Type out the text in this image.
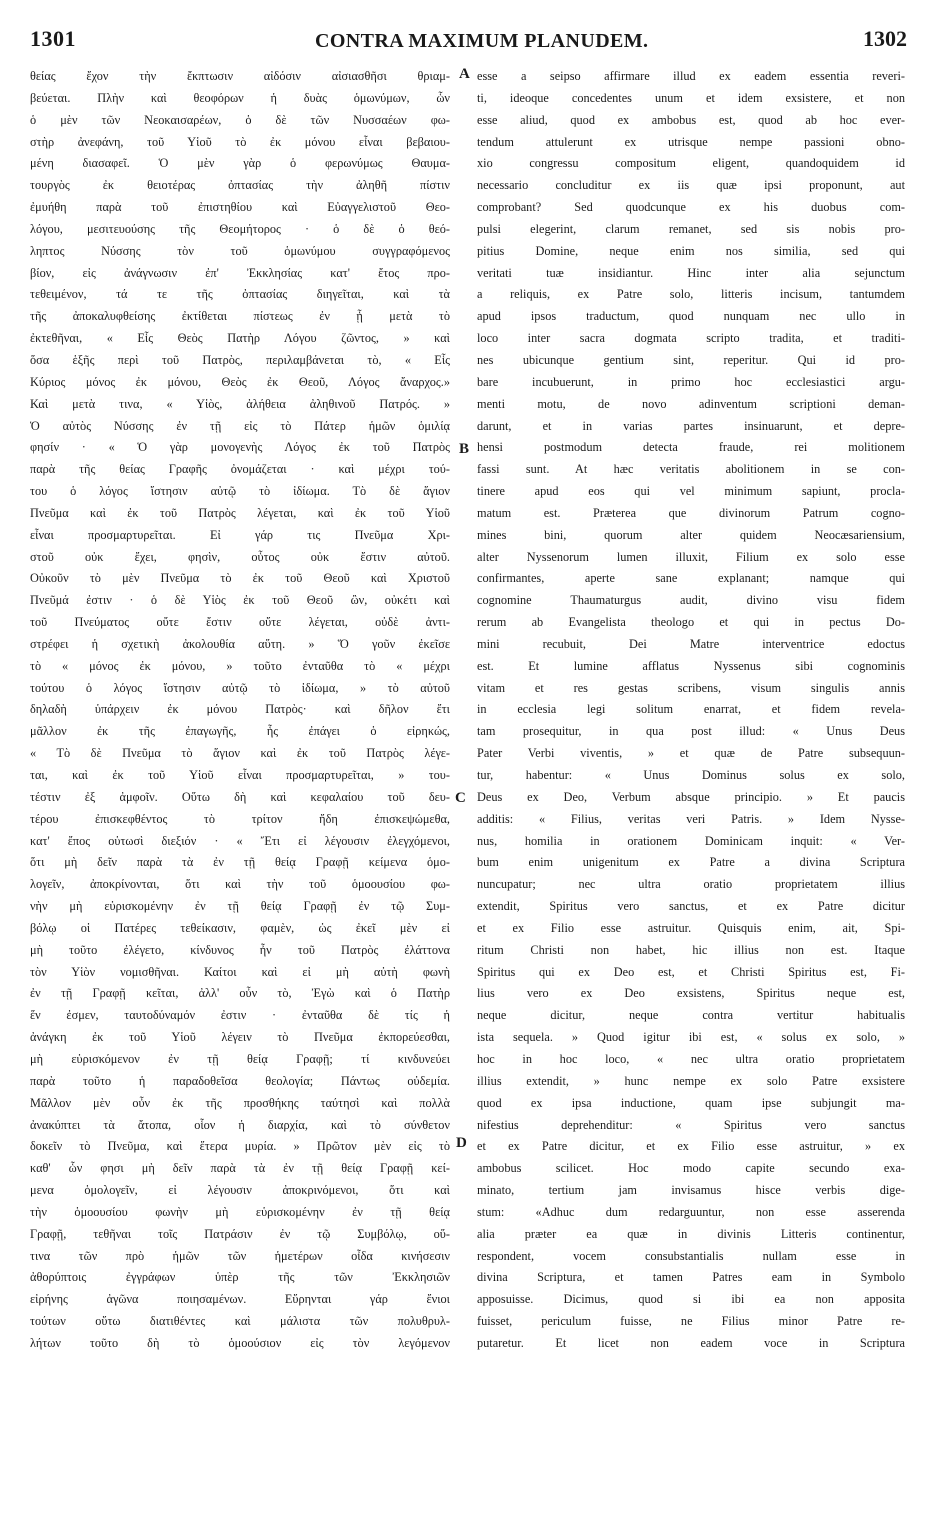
1301	CONTRA MAXIMUM PLANUDEM.	1302
θείας ἔχον τὴν ἔκπτωσιν αἰδόσιν αἰσιασθῆσι θριαμ-
βεύεται. Πλὴν καὶ θεοφόρων ἡ δυὰς ὁμωνύμων, ὧν
ὁ μὲν τῶν Νεοκαισαρέων, ὁ δὲ τῶν Νυσσαέων φω-
στὴρ ἀνεφάνη, τοῦ Υἱοῦ τὸ ἐκ μόνου εἶναι βεβαιου-
μένη διασαφεῖ. Ὁ μὲν γὰρ ὁ φερωνύμως Θαυμα-
τουργὸς ἐκ θειοτέρας ὀπτασίας τὴν ἀληθῆ πίστιν
ἐμυήθη παρὰ τοῦ ἐπιστηθίου καὶ Εὐαγγελιστοῦ Θεο-
λόγου, μεσιτευούσης τῆς Θεομήτορος · ὁ δὲ ὁ θεό-
ληπτος Νύσσης τὸν τοῦ ὁμωνύμου συγγραφόμενος
βίον, εἰς ἀνάγνωσιν ἐπ' Ἐκκλησίας κατ' ἔτος προ-
τεθειμένον, τά τε τῆς ὀπτασίας διηγεῖται, καὶ τὰ
τῆς ἀποκαλυφθείσης ἐκτίθεται πίστεως ἐν ᾗ μετὰ τὸ
ἐκτεθῆναι, « Εἷς Θεὸς Πατὴρ Λόγου ζῶντος, » καὶ
ὅσα ἑξῆς περὶ τοῦ Πατρὸς, περιλαμβάνεται τὸ, « Εἷς
Κύριος μόνος ἐκ μόνου, Θεὸς ἐκ Θεοῦ, Λόγος ἄναρχος.»
Καὶ μετὰ τινα, « Υἱὸς, ἀλήθεια ἀληθινοῦ Πατρός. »
Ὁ αὐτὸς Νύσσης ἐν τῇ εἰς τὸ Πάτερ ἡμῶν ὁμιλίᾳ
φησίν · « Ὁ γὰρ μονογενὴς Λόγος ἐκ τοῦ Πατρὸς
παρὰ τῆς θείας Γραφῆς ὀνομάζεται · καὶ μέχρι τού-
του ὁ λόγος ἵστησιν αὐτῷ τὸ ἰδίωμα. Τὸ δὲ ἅγιον
Πνεῦμα καὶ ἐκ τοῦ Πατρὸς λέγεται, καὶ ἐκ τοῦ Υἱοῦ
εἶναι προσμαρτυρεῖται. Εἰ γάρ τις Πνεῦμα Χρι-
στοῦ οὐκ ἔχει, φησὶν, οὗτος οὐκ ἔστιν αὐτοῦ.
Οὐκοῦν τὸ μὲν Πνεῦμα τὸ ἐκ τοῦ Θεοῦ καὶ Χριστοῦ
Πνεῦμά ἐστιν · ὁ δὲ Υἱὸς ἐκ τοῦ Θεοῦ ὢν, οὐκέτι καὶ
τοῦ Πνεύματος οὔτε ἔστιν οὔτε λέγεται, οὐδὲ ἀντι-
στρέφει ἡ σχετικὴ ἀκολουθία αὕτη. » Ὅ γοῦν ἐκεῖσε
τὸ « μόνος ἐκ μόνου, » τοῦτο ἐνταῦθα τὸ « μέχρι
τούτου ὁ λόγος ἵστησιν αὐτῷ τὸ ἰδίωμα, » τὸ αὐτοῦ
δηλαδὴ ὑπάρχειν ἐκ μόνου Πατρὸς· καὶ δῆλον ἔτι
μᾶλλον ἐκ τῆς ἐπαγωγῆς, ἧς ἐπάγει ὁ εἰρηκώς,
« Τὸ δὲ Πνεῦμα τὸ ἅγιον καὶ ἐκ τοῦ Πατρὸς λέγε-
ται, καὶ ἐκ τοῦ Υἱοῦ εἶναι προσμαρτυρεῖται, » του-
τέστιν ἐξ ἀμφοῖν. Οὕτω δὴ καὶ κεφαλαίου τοῦ δευ-
τέρου ἐπισκεφθέντος τὸ τρίτον ἤδη ἐπισκεψώμεθα,
κατ' ἔπος οὑτωσὶ διεξιόν · « Ἔτι εἰ λέγουσιν ἐλεγχόμενοι,
ὅτι μὴ δεῖν παρὰ τὰ ἐν τῇ θείᾳ Γραφῇ κείμενα ὁμο-
λογεῖν, ἀποκρίνονται, ὅτι καὶ τὴν τοῦ ὁμοουσίου φω-
νὴν μὴ εὑρισκομένην ἐν τῇ θείᾳ Γραφῇ ἐν τῷ Συμ-
βόλῳ οἱ Πατέρες τεθείκασιν, φαμὲν, ὡς ἐκεῖ μὲν εἰ
μὴ τοῦτο ἐλέγετο, κίνδυνος ἦν τοῦ Πατρὸς ἐλάττονα
τὸν Υἱὸν νομισθῆναι. Καίτοι καὶ εἰ μὴ αὐτὴ φωνὴ
ἐν τῇ Γραφῇ κεῖται, ἀλλ' οὖν τὸ, Ἐγὼ καὶ ὁ Πατὴρ
ἕν ἐσμεν, ταυτοδύναμόν ἐστιν · ἐνταῦθα δὲ τίς ἡ
ἀνάγκη ἐκ τοῦ Υἱοῦ λέγειν τὸ Πνεῦμα ἐκπορεύεσθαι,
μὴ εὑρισκόμενον ἐν τῇ θείᾳ Γραφῇ; τί κινδυνεύει
παρὰ τοῦτο ἡ παραδοθεῖσα θεολογία; Πάντως οὐδεμία.
Μᾶλλον μὲν οὖν ἐκ τῆς προσθήκης ταύτησὶ καὶ πολλὰ
ἀνακύπτει τὰ ἄτοπα, οἷον ἡ διαρχία, καὶ τὸ σύνθετον
δοκεῖν τὸ Πνεῦμα, καὶ ἕτερα μυρία. » Πρῶτον μὲν εἰς τὸ
καθ' ὧν φησι μὴ δεῖν παρὰ τὰ ἐν τῇ θείᾳ Γραφῇ κεί-
μενα ὁμολογεῖν, εἰ λέγουσιν ἀποκρινόμενοι, ὅτι καὶ
τὴν ὁμοουσίου φωνὴν μὴ εὑρισκομένην ἐν τῇ θείᾳ
Γραφῇ, τεθῆναι τοῖς Πατράσιν ἐν τῷ Συμβόλῳ, οὕ-
τινα τῶν πρὸ ἡμῶν τῶν ἡμετέρων οἶδα κινήσεσιν
ἀθορύπτοις ἐγγράφων ὑπὲρ τῆς τῶν Ἐκκλησιῶν
εἰρήνης ἀγῶνα ποιησαμένων. Εὕρηνται γάρ ἔνιοι
τούτων οὕτω διατιθέντες καὶ μάλιστα τῶν πολυθρυλ-
λήτων τοῦτο δὴ τὸ ὁμοούσιον εἰς τὸν λεγόμενον
esse a seipso affirmare illud ex eadem essentia reveri-
ti, ideoque concedentes unum et idem exsistere, et non
esse aliud, quod ex ambobus est, quod ab hoc ever-
tendum attulerunt ex utrisque nempe passioni obno-
xio congressu compositum eligent, quandoquidem id
necessario concluditur ex iis quæ ipsi proponunt, aut
comprobant? Sed quodcunque ex his duobus com-
pulsi elegerint, clarum remanet, sed sis nobis pro-
pitius Domine, neque enim nos similia, sed qui
veritati tuæ insidiantur. Hinc inter alia sejunctum
a reliquis, ex Patre solo, litteris incisum, tantumdem
apud ipsos traductum, quod nunquam nec ullo in
loco inter sacra dogmata scripto tradita, et traditi-
nes ubicunque gentium sint, reperitur. Qui id pro-
bare incubuerunt, in primo hoc ecclesiastici argu-
menti motu, de novo adinventum scriptioni deman-
darunt, et in varias partes insinuarunt, et depre-
hensi postmodum detecta fraude, rei molitionem
fassi sunt. At hæc veritatis abolitionem in se con-
tinere apud eos qui vel minimum sapiunt, procla-
matum est. Præterea que divinorum Patrum cogno-
mines bini, quorum alter quidem Neocæsariensium,
alter Nyssenorum lumen illuxit, Filium ex solo esse
confirmantes, aperte sane explanant; namque qui
cognomine Thaumaturgus audit, divino visu fidem
rerum ab Evangelista theologo et qui in pectus Do-
mini recubuit, Dei Matre interventrice edoctus
est. Et lumine afflatus Nyssenus sibi cognominis
vitam et res gestas scribens, visum singulis annis
in ecclesia legi solitum enarrat, et fidem revela-
tam prosequitur, in qua post illud: « Unus Deus
Pater Verbi viventis, » et quæ de Patre subsequun-
tur, habentur: « Unus Dominus solus ex solo,
Deus ex Deo, Verbum absque principio. » Et paucis
additis: « Filius, veritas veri Patris. » Idem Nysse-
nus, homilia in orationem Dominicam inquit: « Ver-
bum enim unigenitum ex Patre a divina Scriptura
nuncupatur; nec ultra oratio proprietatem illius
extendit, Spiritus vero sanctus, et ex Patre dicitur
et ex Filio esse astruitur. Quisquis enim, ait, Spi-
ritum Christi non habet, hic illius non est. Itaque
Spiritus qui ex Deo est, et Christi Spiritus est, Fi-
lius vero ex Deo exsistens, Spiritus neque est,
neque dicitur, neque contra vertitur habitualis
ista sequela. » Quod igitur ibi est, « solus ex solo, »
hoc in hoc loco, « nec ultra oratio proprietatem
illius extendit, » hunc nempe ex solo Patre exsistere
quod ex ipsa inductione, quam ipse subjungit ma-
nifestius deprehenditur: « Spiritus vero sanctus
et ex Patre dicitur, et ex Filio esse astruitur, » ex
ambobus scilicet. Hoc modo capite secundo exa-
minato, tertium jam invisamus hisce verbis dige-
stum: «Adhuc dum redarguuntur, non esse asserenda
alia præter ea quæ in divinis Litteris continentur,
respondent, vocem consubstantialis nullam esse in
divina Scriptura, et tamen Patres eam in Symbolo
apposuisse. Dicimus, quod si ibi ea non apposita
fuisset, periculum fuisse, ne Filius minor Patre re-
putaretur. Et licet non eadem voce in Scriptura
A
B
C
D
